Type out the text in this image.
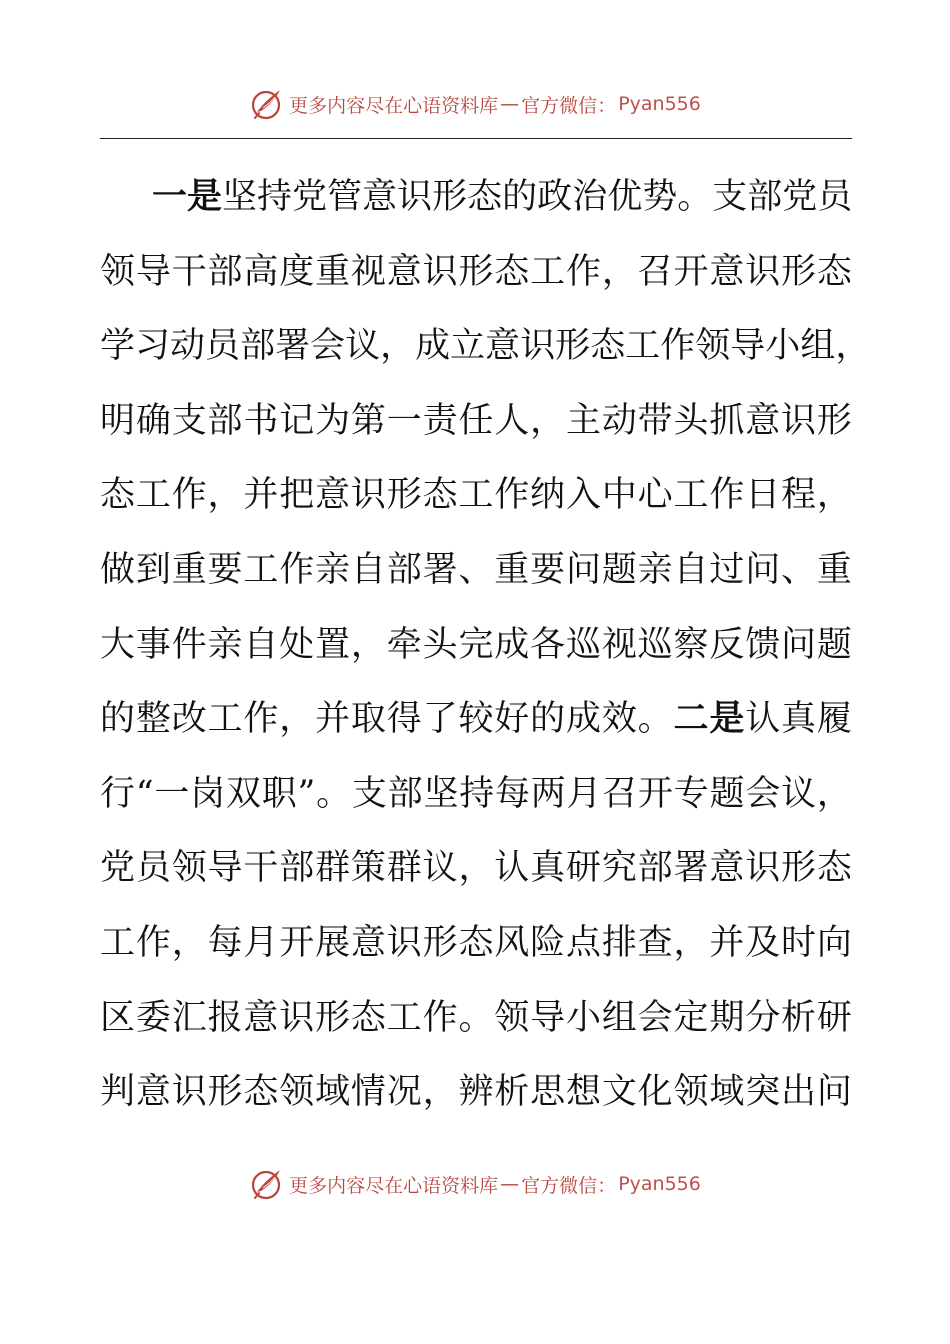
更多内容尽在心语资料库 — 官方微信： Pyan556
一 是 坚 持 党 管 意 识 形 态 的 政 治 优 势 。 支 部 党 员
领 导 干 部 高 度 重 视 意 识 形 态 工 作 ， 召 开 意 识 形 态
学 习 动 员 部 署 会 议 ， 成 立 意 识 形 态 工 作 领 导 小 组 ，
明 确 支 部 书 记 为 第 一 责 任 人 ， 主 动 带 头 抓 意 识 形
态 工 作 ， 并 把 意 识 形 态 工 作 纳 入 中 心 工 作 日 程 ，
做 到 重 要 工 作 亲 自 部 署 、 重 要 问 题 亲 自 过 问 、 重
大 事 件 亲 自 处 置 ， 牵 头 完 成 各 巡 视 巡 察 反 馈 问 题
的 整 改 工 作 ， 并 取 得 了 较 好 的 成 效 。 二 是 认 真 履
行 “ 一 岗 双 职 ” 。 支 部 坚 持 每 两 月 召 开 专 题 会 议 ，
党 员 领 导 干 部 群 策 群 议 ， 认 真 研 究 部 署 意 识 形 态
工 作 ， 每 月 开 展 意 识 形 态 风 险 点 排 查 ， 并 及 时 向
区 委 汇 报 意 识 形 态 工 作 。 领 导 小 组 会 定 期 分 析 研
判 意 识 形 态 领 域 情 况 ， 辨 析 思 想 文 化 领 域 突 出 问
更多内容尽在心语资料库 — 官方微信： Pyan556
